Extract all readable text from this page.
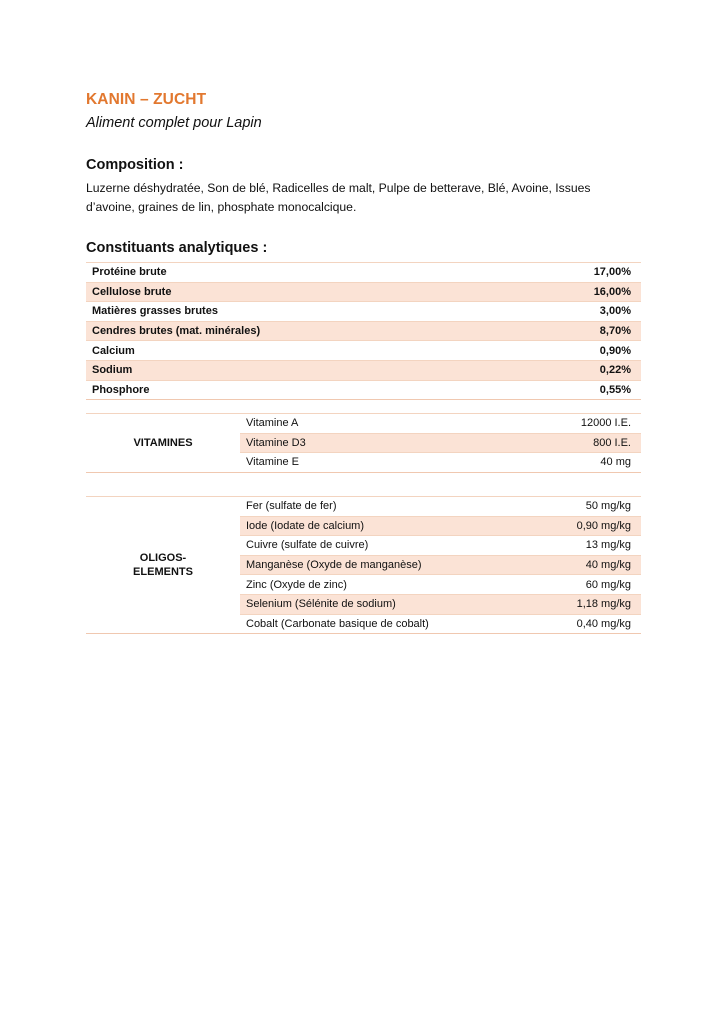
KANIN – ZUCHT
Aliment complet pour Lapin
Composition :
Luzerne déshydratée, Son de blé, Radicelles de malt, Pulpe de betterave, Blé, Avoine, Issues
d’avoine, graines de lin, phosphate monocalcique.
Constituants analytiques :
Protéine brute	17,00%
Cellulose brute	16,00%
Matières grasses brutes	3,00%
Cendres brutes (mat. minérales)	8,70%
Calcium	0,90%
Sodium	0,22%
Phosphore	0,55%
VITAMINES	Vitamine A	12000 I.E.
	Vitamine D3	800 I.E.
	Vitamine E	40 mg
OLIGOS-
ELEMENTS	Fer (sulfate de fer)	50 mg/kg
	Iode (Iodate de calcium)	0,90 mg/kg
	Cuivre (sulfate de cuivre)	13 mg/kg
	Manganèse (Oxyde de manganèse)	40 mg/kg
	Zinc (Oxyde de zinc)	60 mg/kg
	Selenium (Sélénite de sodium)	1,18 mg/kg
	Cobalt (Carbonate basique de cobalt)	0,40 mg/kg
